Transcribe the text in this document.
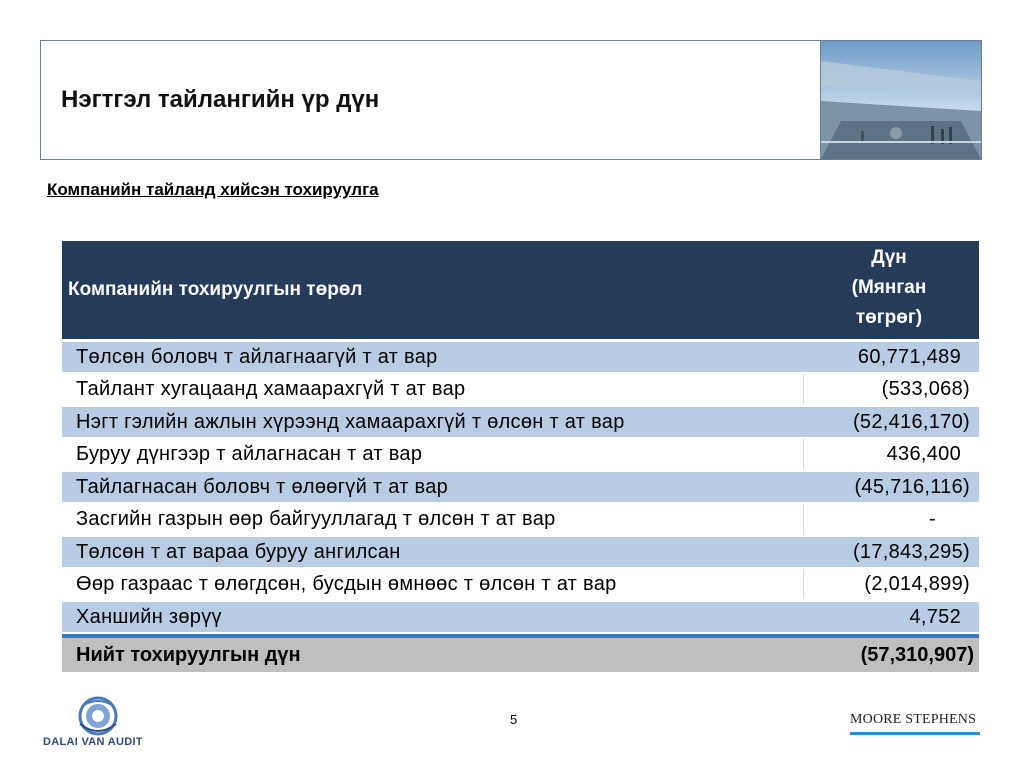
Нэгтгэл тайлангийн үр дүн
Компанийн тайланд хийсэн тохируулга
Компанийн тохируулгын төрөл
Дүн
(Мянган
төгрөг)
Төлсөн боловч т айлагнаагүй т ат вар	60,771,489
Тайлант хугацаанд хамаарахгүй т ат вар	(533,068)
Нэгт гэлийн ажлын хүрээнд хамаарахгүй т өлсөн т ат вар	(52,416,170)
Буруу дүнгээр т айлагнасан т ат вар	436,400
Тайлагнасан боловч т өлөөгүй т ат вар	(45,716,116)
Засгийн газрын өөр байгууллагад т өлсөн т ат вар	-
Төлсөн т ат вараа буруу ангилсан	(17,843,295)
Өөр газраас т өлөгдсөн, бусдын өмнөөс т өлсөн т ат вар	(2,014,899)
Ханшийн зөрүү	4,752
Нийт тохируулгын дүн	(57,310,907)
DALAI VAN AUDIT
5	MOORE STEPHENS
